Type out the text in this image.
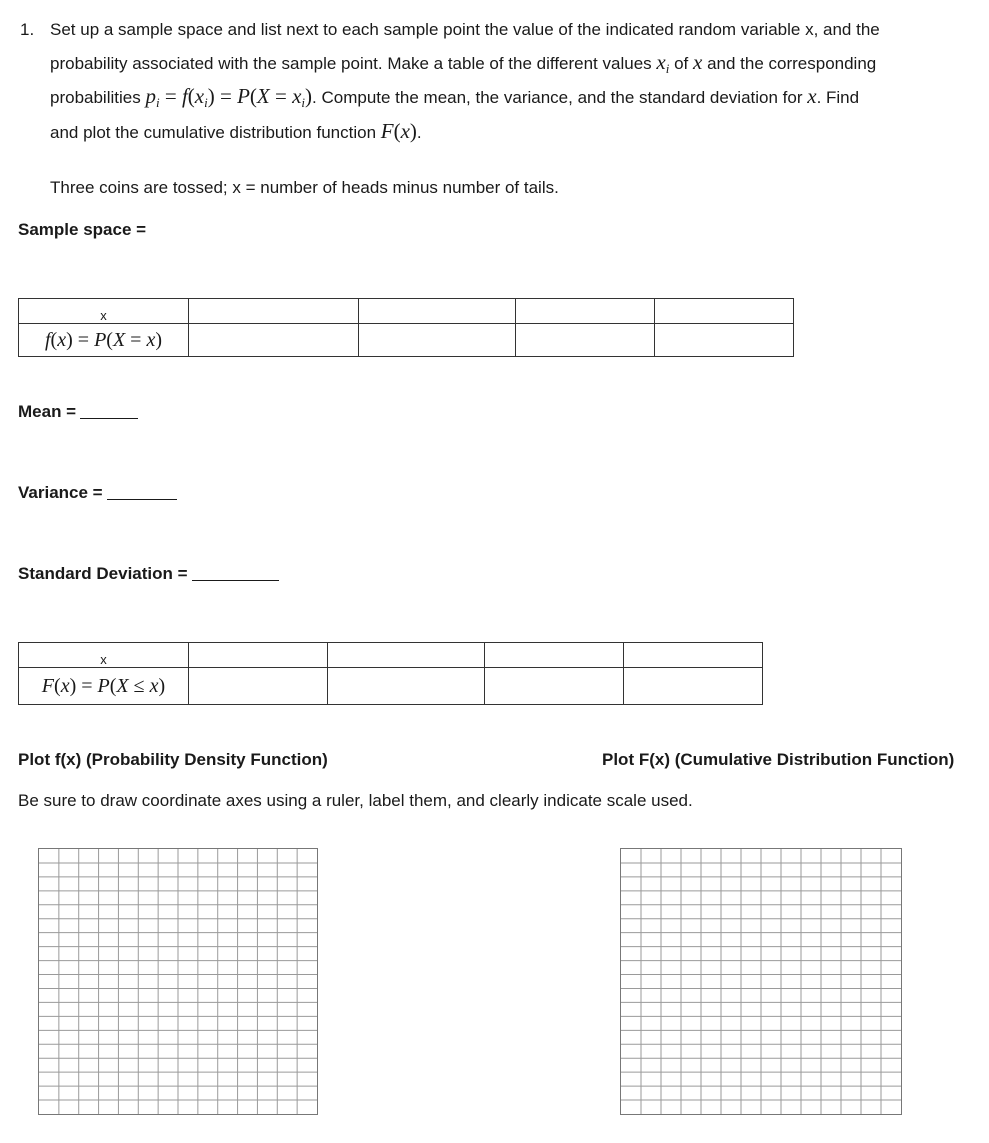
1. Set up a sample space and list next to each sample point the value of the indicated random variable x, and the
probability associated with the sample point. Make a table of the different values $x_i$ of x and the corresponding
probabilities $p_i = f(x_i) = P(X = x_i)$. Compute the mean, the variance, and the standard deviation for x. Find
and plot the cumulative distribution function F(x).
Three coins are tossed; x = number of heads minus number of tails.
Sample space =
x				
f(x) = P(X = x)				
Mean =
Variance =
Standard Deviation =
x				
F(x) = P(X ≤ x)				
Plot f(x) (Probability Density Function)	Plot F(x) (Cumulative Distribution Function)
Be sure to draw coordinate axes using a ruler, label them, and clearly indicate scale used.
